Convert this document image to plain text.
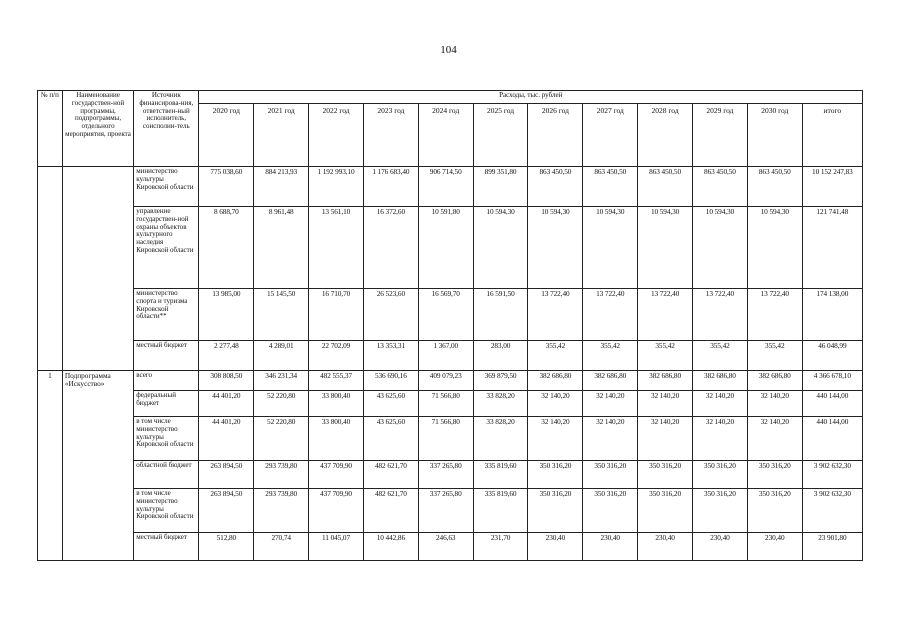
104
№ п/п	Наименование государствен-ной программы, подпрограммы, отдельного мероприятия, проекта	Источник финансирова-ния, ответствен-ный исполнитель, соисполни-тель	Расходы, тыс. рублей											
			2020 год	2021 год	2022 год	2023 год	2024 год	2025 год	2026 год	2027 год	2028 год	2029 год	2030 год	итого
		министерство культуры Кировской области	775 038,60	884 213,93	1 192 993,10	1 176 683,40	906 714,50	899 351,80	863 450,50	863 450,50	863 450,50	863 450,50	863 450,50	10 152 247,83
		управление государствен-ной охраны объектов культурного наследия Кировской области	8 688,70	8 961,48	13 561,10	16 372,60	10 591,80	10 594,30	10 594,30	10 594,30	10 594,30	10 594,30	10 594,30	121 741,48
		министерство спорта и туризма Кировской области**	13 985,00	15 145,50	16 710,70	26 523,60	16 569,70	16 591,50	13 722,40	13 722,40	13 722,40	13 722,40	13 722,40	174 138,00
		местный бюджет	2 277,48	4 289,01	22 702,09	13 353,31	1 367,00	283,00	355,42	355,42	355,42	355,42	355,42	46 048,99
1	Подпрограмма «Искусство»	всего	308 808,50	346 231,34	482 555,37	536 690,16	409 079,23	369 879,50	382 686,80	382 686,80	382 686,80	382 686,80	382 686,80	4 366 678,10
		федеральный бюджет	44 401,20	52 220,80	33 800,40	43 625,60	71 566,80	33 828,20	32 140,20	32 140,20	32 140,20	32 140,20	32 140,20	440 144,00
		в том числе министерство культуры Кировской области	44 401,20	52 220,80	33 800,40	43 625,60	71 566,80	33 828,20	32 140,20	32 140,20	32 140,20	32 140,20	32 140,20	440 144,00
		областной бюджет	263 894,50	293 739,80	437 709,90	482 621,70	337 265,80	335 819,60	350 316,20	350 316,20	350 316,20	350 316,20	350 316,20	3 902 632,30
		в том числе министерство культуры Кировской области	263 894,50	293 739,80	437 709,90	482 621,70	337 265,80	335 819,60	350 316,20	350 316,20	350 316,20	350 316,20	350 316,20	3 902 632,30
		местный бюджет	512,80	270,74	11 045,07	10 442,86	246,63	231,70	230,40	230,40	230,40	230,40	230,40	23 901,80
